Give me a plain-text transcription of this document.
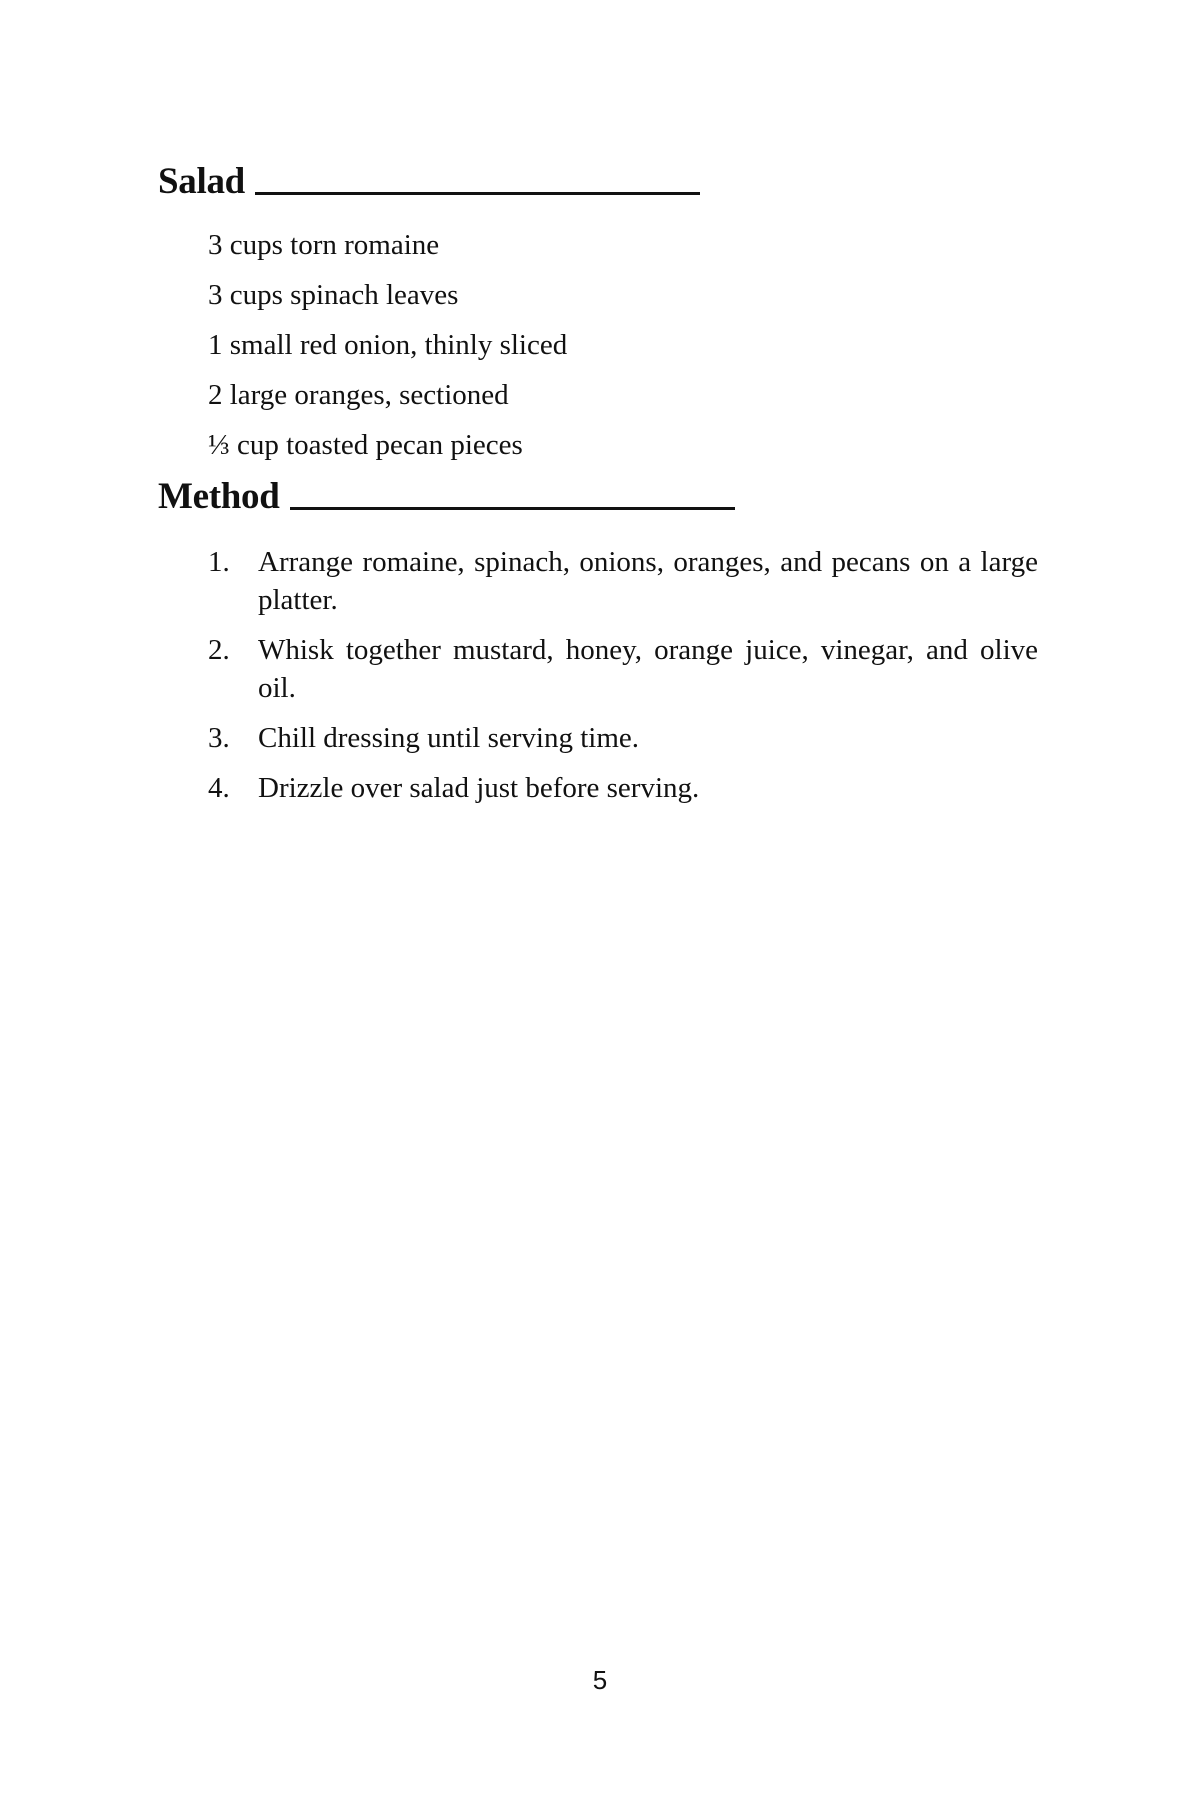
Salad
3 cups torn romaine
3 cups spinach leaves
1 small red onion, thinly sliced
2 large oranges, sectioned
⅓ cup toasted pecan pieces
Method
1. Arrange romaine, spinach, onions, oranges, and pecans on a large platter.
2. Whisk together mustard, honey, orange juice, vinegar, and olive oil.
3. Chill dressing until serving time.
4. Drizzle over salad just before serving.
5
